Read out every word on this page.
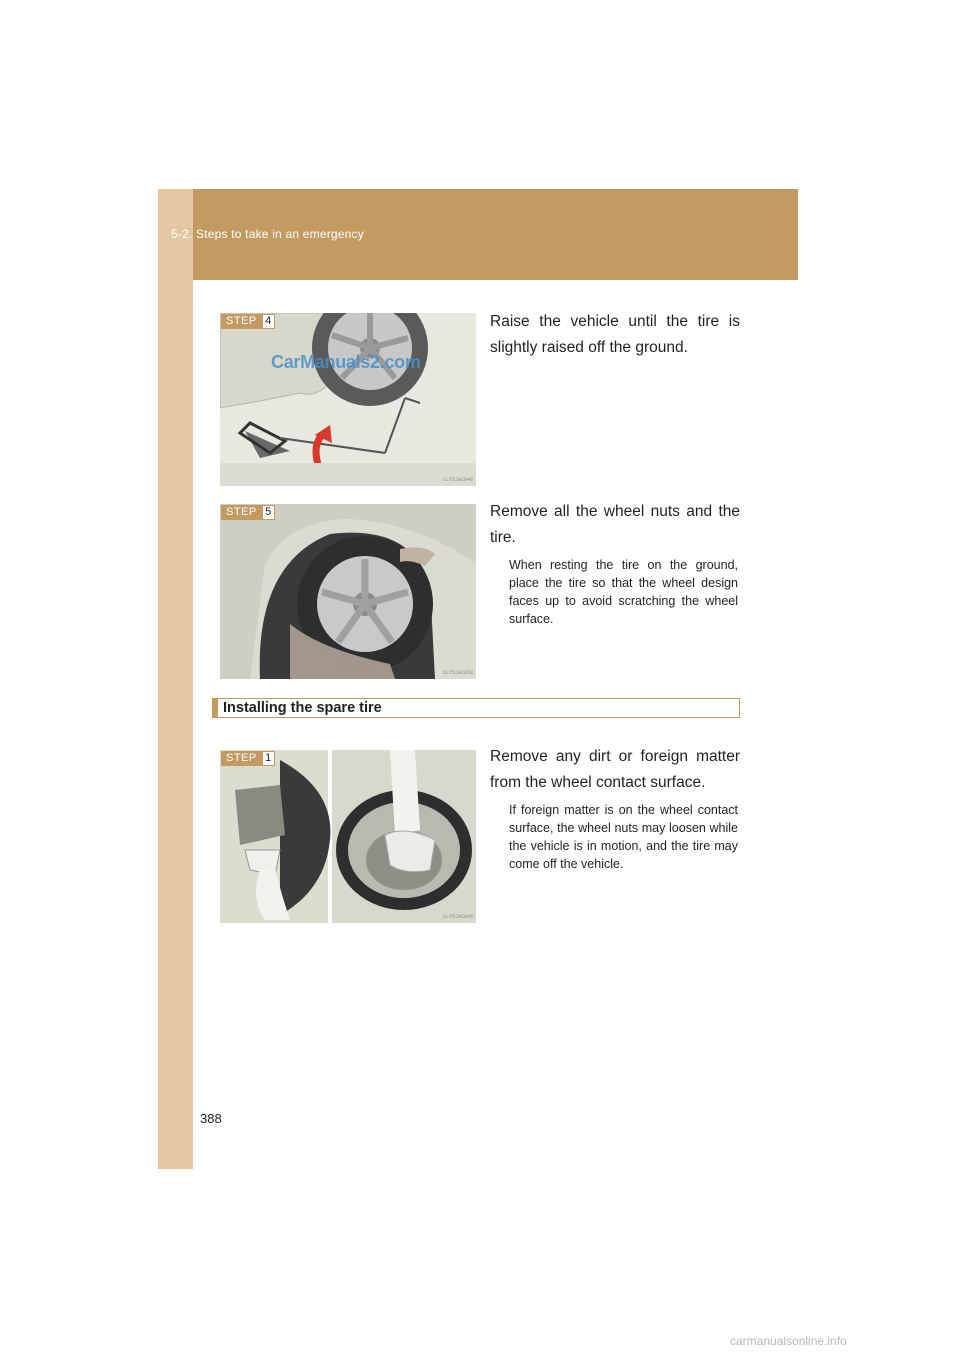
5-2. Steps to take in an emergency
STEP 4
CLY5JAC046
CarManuals2.com
Raise the vehicle until the tire is slightly raised off the ground.
STEP 5
CLY5JAC050
Remove all the wheel nuts and the tire.
When resting the tire on the ground, place the tire so that the wheel design faces up to avoid scratching the wheel surface.
Installing the spare tire
STEP 1
CLY5JAC045
Remove any dirt or foreign matter from the wheel contact surface.
If foreign matter is on the wheel contact surface, the wheel nuts may loosen while the vehicle is in motion, and the tire may come off the vehicle.
388
carmanualsonline.info
